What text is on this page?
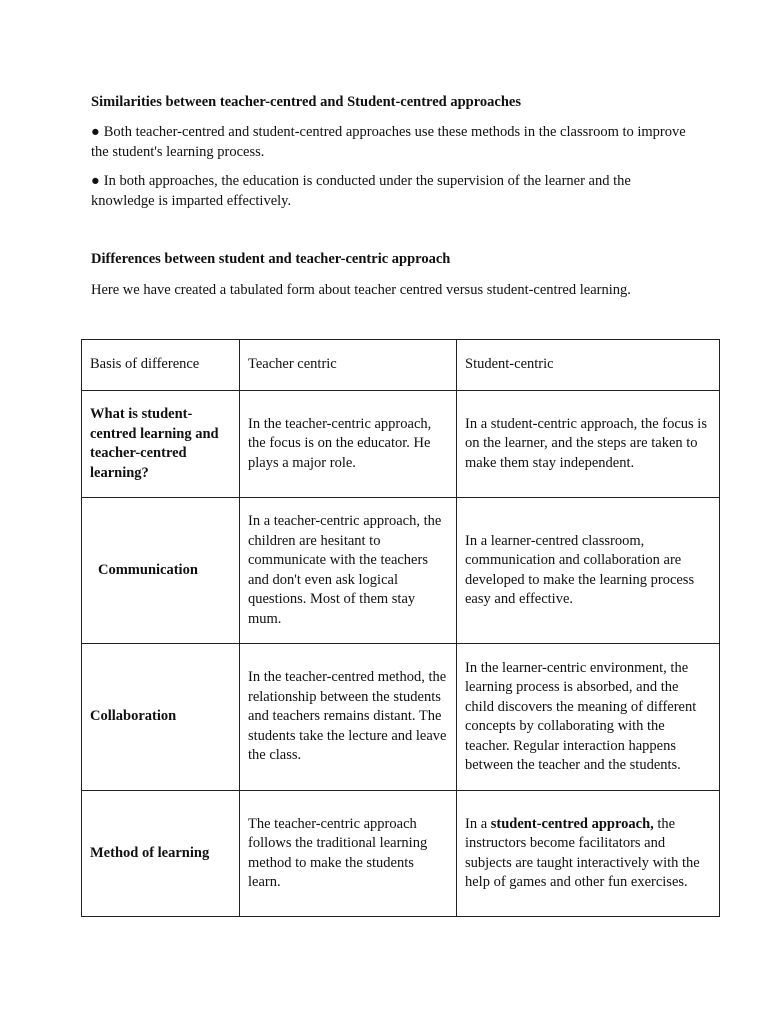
Similarities between teacher-centred and Student-centred approaches

● Both teacher-centred and student-centred approaches use these methods in the classroom to improve the student's learning process.

● In both approaches, the education is conducted under the supervision of the learner and the knowledge is imparted effectively.

Differences between student and teacher-centric approach

Here we have created a tabulated form about teacher centred versus student-centred learning.

Basis of difference	Teacher centric	Student-centric
What is student-centred learning and teacher-centred learning?	In the teacher-centric approach, the focus is on the educator. He plays a major role.	In a student-centric approach, the focus is on the learner, and the steps are taken to make them stay independent.
Communication	In a teacher-centric approach, the children are hesitant to communicate with the teachers and don't even ask logical questions. Most of them stay mum.	In a learner-centred classroom, communication and collaboration are developed to make the learning process easy and effective.
Collaboration	In the teacher-centred method, the relationship between the students and teachers remains distant. The students take the lecture and leave the class.	In the learner-centric environment, the learning process is absorbed, and the child discovers the meaning of different concepts by collaborating with the teacher. Regular interaction happens between the teacher and the students.
Method of learning	The teacher-centric approach follows the traditional learning method to make the students learn.	In a student-centred approach, the instructors become facilitators and subjects are taught interactively with the help of games and other fun exercises.
